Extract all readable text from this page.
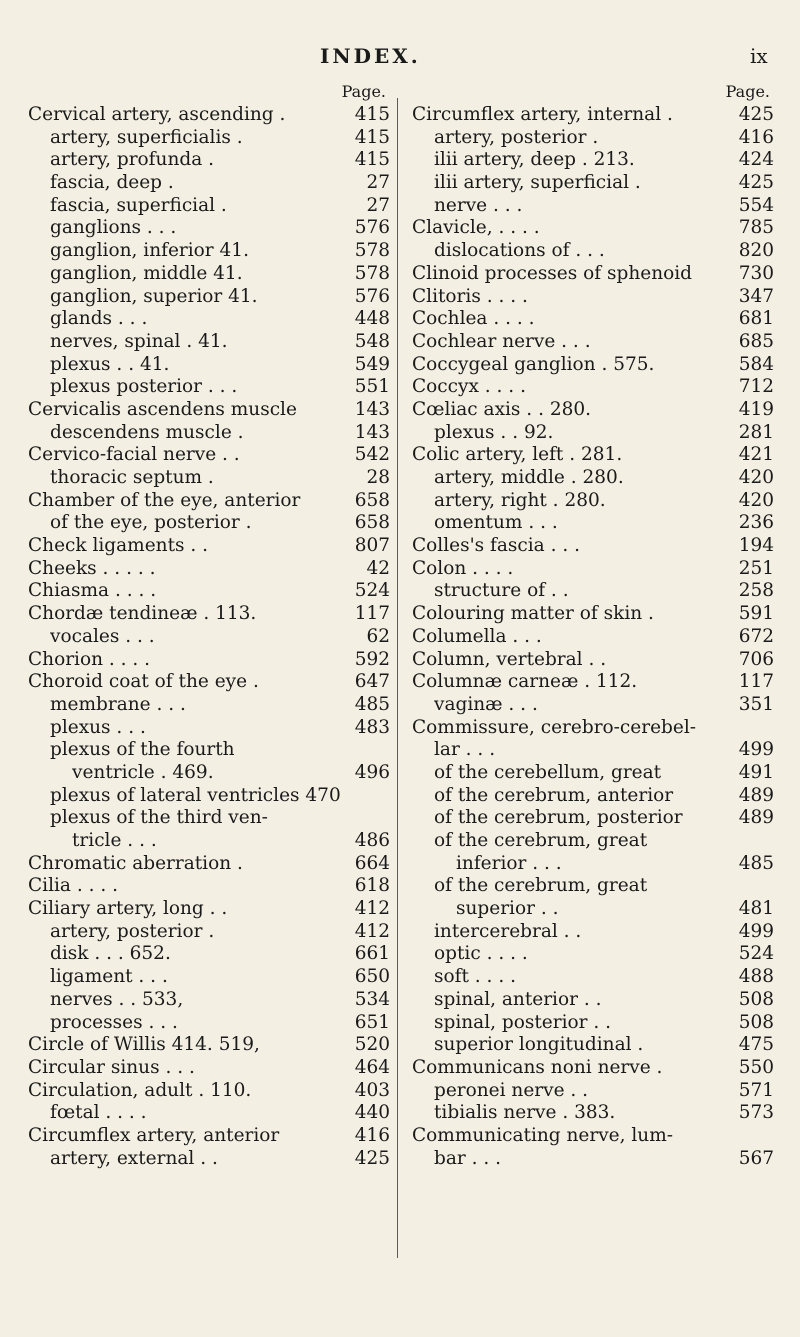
INDEX.	ix
Page.
Cervical artery, ascending .	415
artery, superficialis .	415
artery, profunda .	415
fascia, deep .	27
fascia, superficial .	27
ganglions . . .	576
ganglion, inferior 41.	578
ganglion, middle 41.	578
ganglion, superior 41.	576
glands . . .	448
nerves, spinal . 41.	548
plexus . . 41.	549
plexus posterior . . .	551
Cervicalis ascendens muscle	143
descendens muscle .	143
Cervico-facial nerve . .	542
thoracic septum .	28
Chamber of the eye, anterior	658
of the eye, posterior .	658
Check ligaments . .	807
Cheeks . . . . .	42
Chiasma . . . .	524
Chordæ tendineæ . 113.	117
vocales . . .	62
Chorion . . . .	592
Choroid coat of the eye .	647
membrane . . .	485
plexus . . .	483
plexus of the fourth
ventricle . 469.	496
plexus of lateral ventricles 470
plexus of the third ven-
tricle . . .	486
Chromatic aberration .	664
Cilia . . . .	618
Ciliary artery, long . .	412
artery, posterior .	412
disk . . . 652.	661
ligament . . .	650
nerves . . 533,	534
processes . . .	651
Circle of Willis 414. 519,	520
Circular sinus . . .	464
Circulation, adult . 110.	403
fœtal . . . .	440
Circumflex artery, anterior	416
artery, external . .	425
Page.
Circumflex artery, internal .	425
artery, posterior .	416
ilii artery, deep . 213.	424
ilii artery, superficial .	425
nerve . . .	554
Clavicle, . . . .	785
dislocations of . . .	820
Clinoid processes of sphenoid	730
Clitoris . . . .	347
Cochlea . . . .	681
Cochlear nerve . . .	685
Coccygeal ganglion . 575.	584
Coccyx . . . .	712
Cœliac axis . . 280.	419
plexus . . 92.	281
Colic artery, left . 281.	421
artery, middle . 280.	420
artery, right . 280.	420
omentum . . .	236
Colles's fascia . . .	194
Colon . . . .	251
structure of . .	258
Colouring matter of skin .	591
Columella . . .	672
Column, vertebral . .	706
Columnæ carneæ . 112.	117
vaginæ . . .	351
Commissure, cerebro-cerebel-
lar . . .	499
of the cerebellum, great	491
of the cerebrum, anterior	489
of the cerebrum, posterior	489
of the cerebrum, great
inferior . . .	485
of the cerebrum, great
superior . .	481
intercerebral . .	499
optic . . . .	524
soft . . . .	488
spinal, anterior . .	508
spinal, posterior . .	508
superior longitudinal .	475
Communicans noni nerve .	550
peronei nerve . .	571
tibialis nerve . 383.	573
Communicating nerve, lum-
bar . . .	567
